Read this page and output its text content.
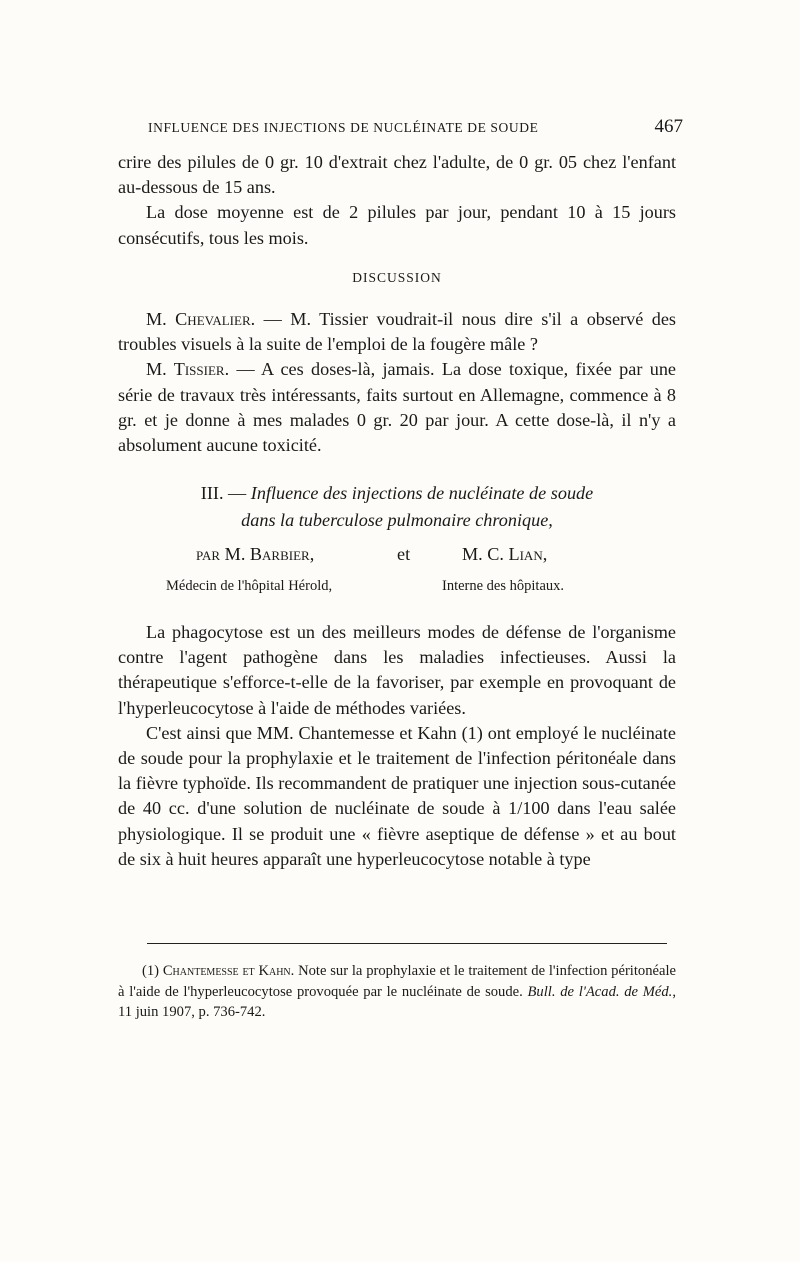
INFLUENCE DES INJECTIONS DE NUCLÉINATE DE SOUDE	467

crire des pilules de 0 gr. 10 d'extrait chez l'adulte, de 0 gr. 05 chez l'enfant au-dessous de 15 ans.

La dose moyenne est de 2 pilules par jour, pendant 10 à 15 jours consécutifs, tous les mois.

DISCUSSION

M. Chevalier. — M. Tissier voudrait-il nous dire s'il a observé des troubles visuels à la suite de l'emploi de la fougère mâle ?

M. Tissier. — A ces doses-là, jamais. La dose toxique, fixée par une série de travaux très intéressants, faits surtout en Allemagne, commence à 8 gr. et je donne à mes malades 0 gr. 20 par jour. A cette dose-là, il n'y a absolument aucune toxicité.

III. — Influence des injections de nucléinate de soude
dans la tuberculose pulmonaire chronique,
par M. Barbier,	et	M. C. Lian,
Médecin de l'hôpital Hérold,	Interne des hôpitaux.

La phagocytose est un des meilleurs modes de défense de l'organisme contre l'agent pathogène dans les maladies infectieuses. Aussi la thérapeutique s'efforce-t-elle de la favoriser, par exemple en provoquant de l'hyperleucocytose à l'aide de méthodes variées.

C'est ainsi que MM. Chantemesse et Kahn (1) ont employé le nucléinate de soude pour la prophylaxie et le traitement de l'infection péritonéale dans la fièvre typhoïde. Ils recommandent de pratiquer une injection sous-cutanée de 40 cc. d'une solution de nucléinate de soude à 1/100 dans l'eau salée physiologique. Il se produit une « fièvre aseptique de défense » et au bout de six à huit heures apparaît une hyperleucocytose notable à type

(1) Chantemesse et Kahn. Note sur la prophylaxie et le traitement de l'infection péritonéale à l'aide de l'hyperleucocytose provoquée par le nucléinate de soude. Bull. de l'Acad. de Méd., 11 juin 1907, p. 736-742.
